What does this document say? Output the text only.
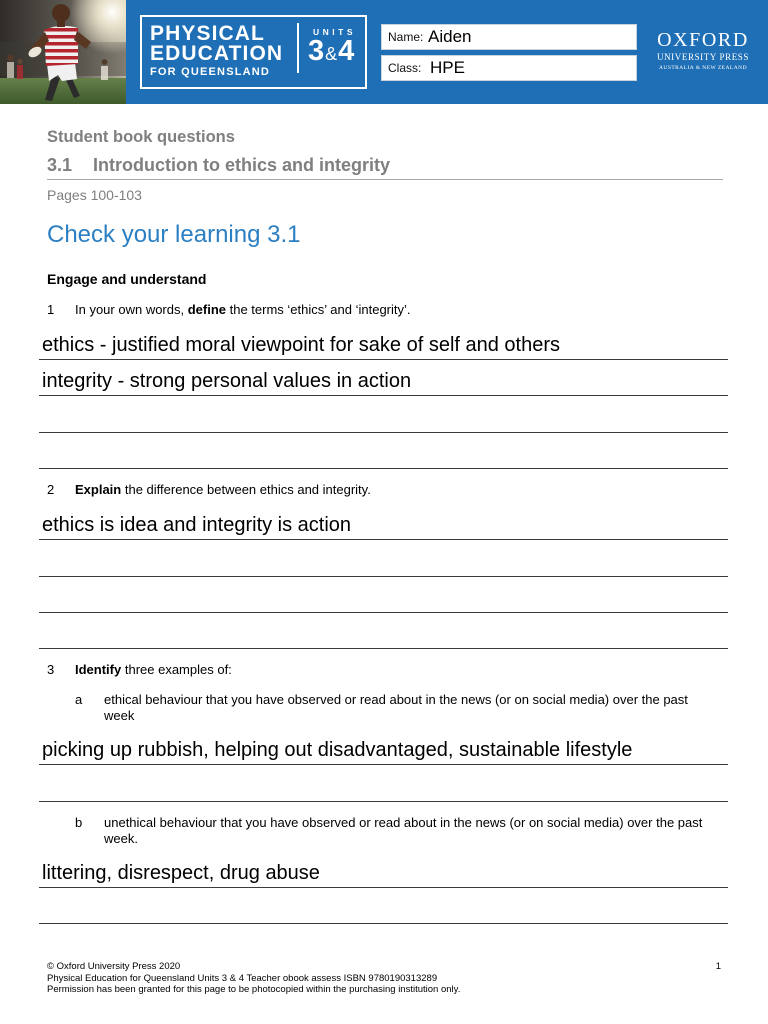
PHYSICAL
EDUCATION
FOR QUEENSLAND
UNITS
3&4	Name: Aiden
Class: HPE
OXFORD
UNIVERSITY PRESS
AUSTRALIA & NEW ZEALAND
Student book questions
3.1 Introduction to ethics and integrity
Pages 100-103
Check your learning 3.1
Engage and understand
1 In your own words, define the terms ‘ethics’ and ‘integrity’.
ethics - justified moral viewpoint for sake of self and others
integrity - strong personal values in action
2 Explain the difference between ethics and integrity.
ethics is idea and integrity is action
3 Identify three examples of:
a ethical behaviour that you have observed or read about in the news (or on social media) over the past week
picking up rubbish, helping out disadvantaged, sustainable lifestyle
b unethical behaviour that you have observed or read about in the news (or on social media) over the past week.
littering, disrespect, drug abuse
© Oxford University Press 2020
Physical Education for Queensland Units 3 & 4 Teacher obook assess ISBN 9780190313289
Permission has been granted for this page to be photocopied within the purchasing institution only.
1
